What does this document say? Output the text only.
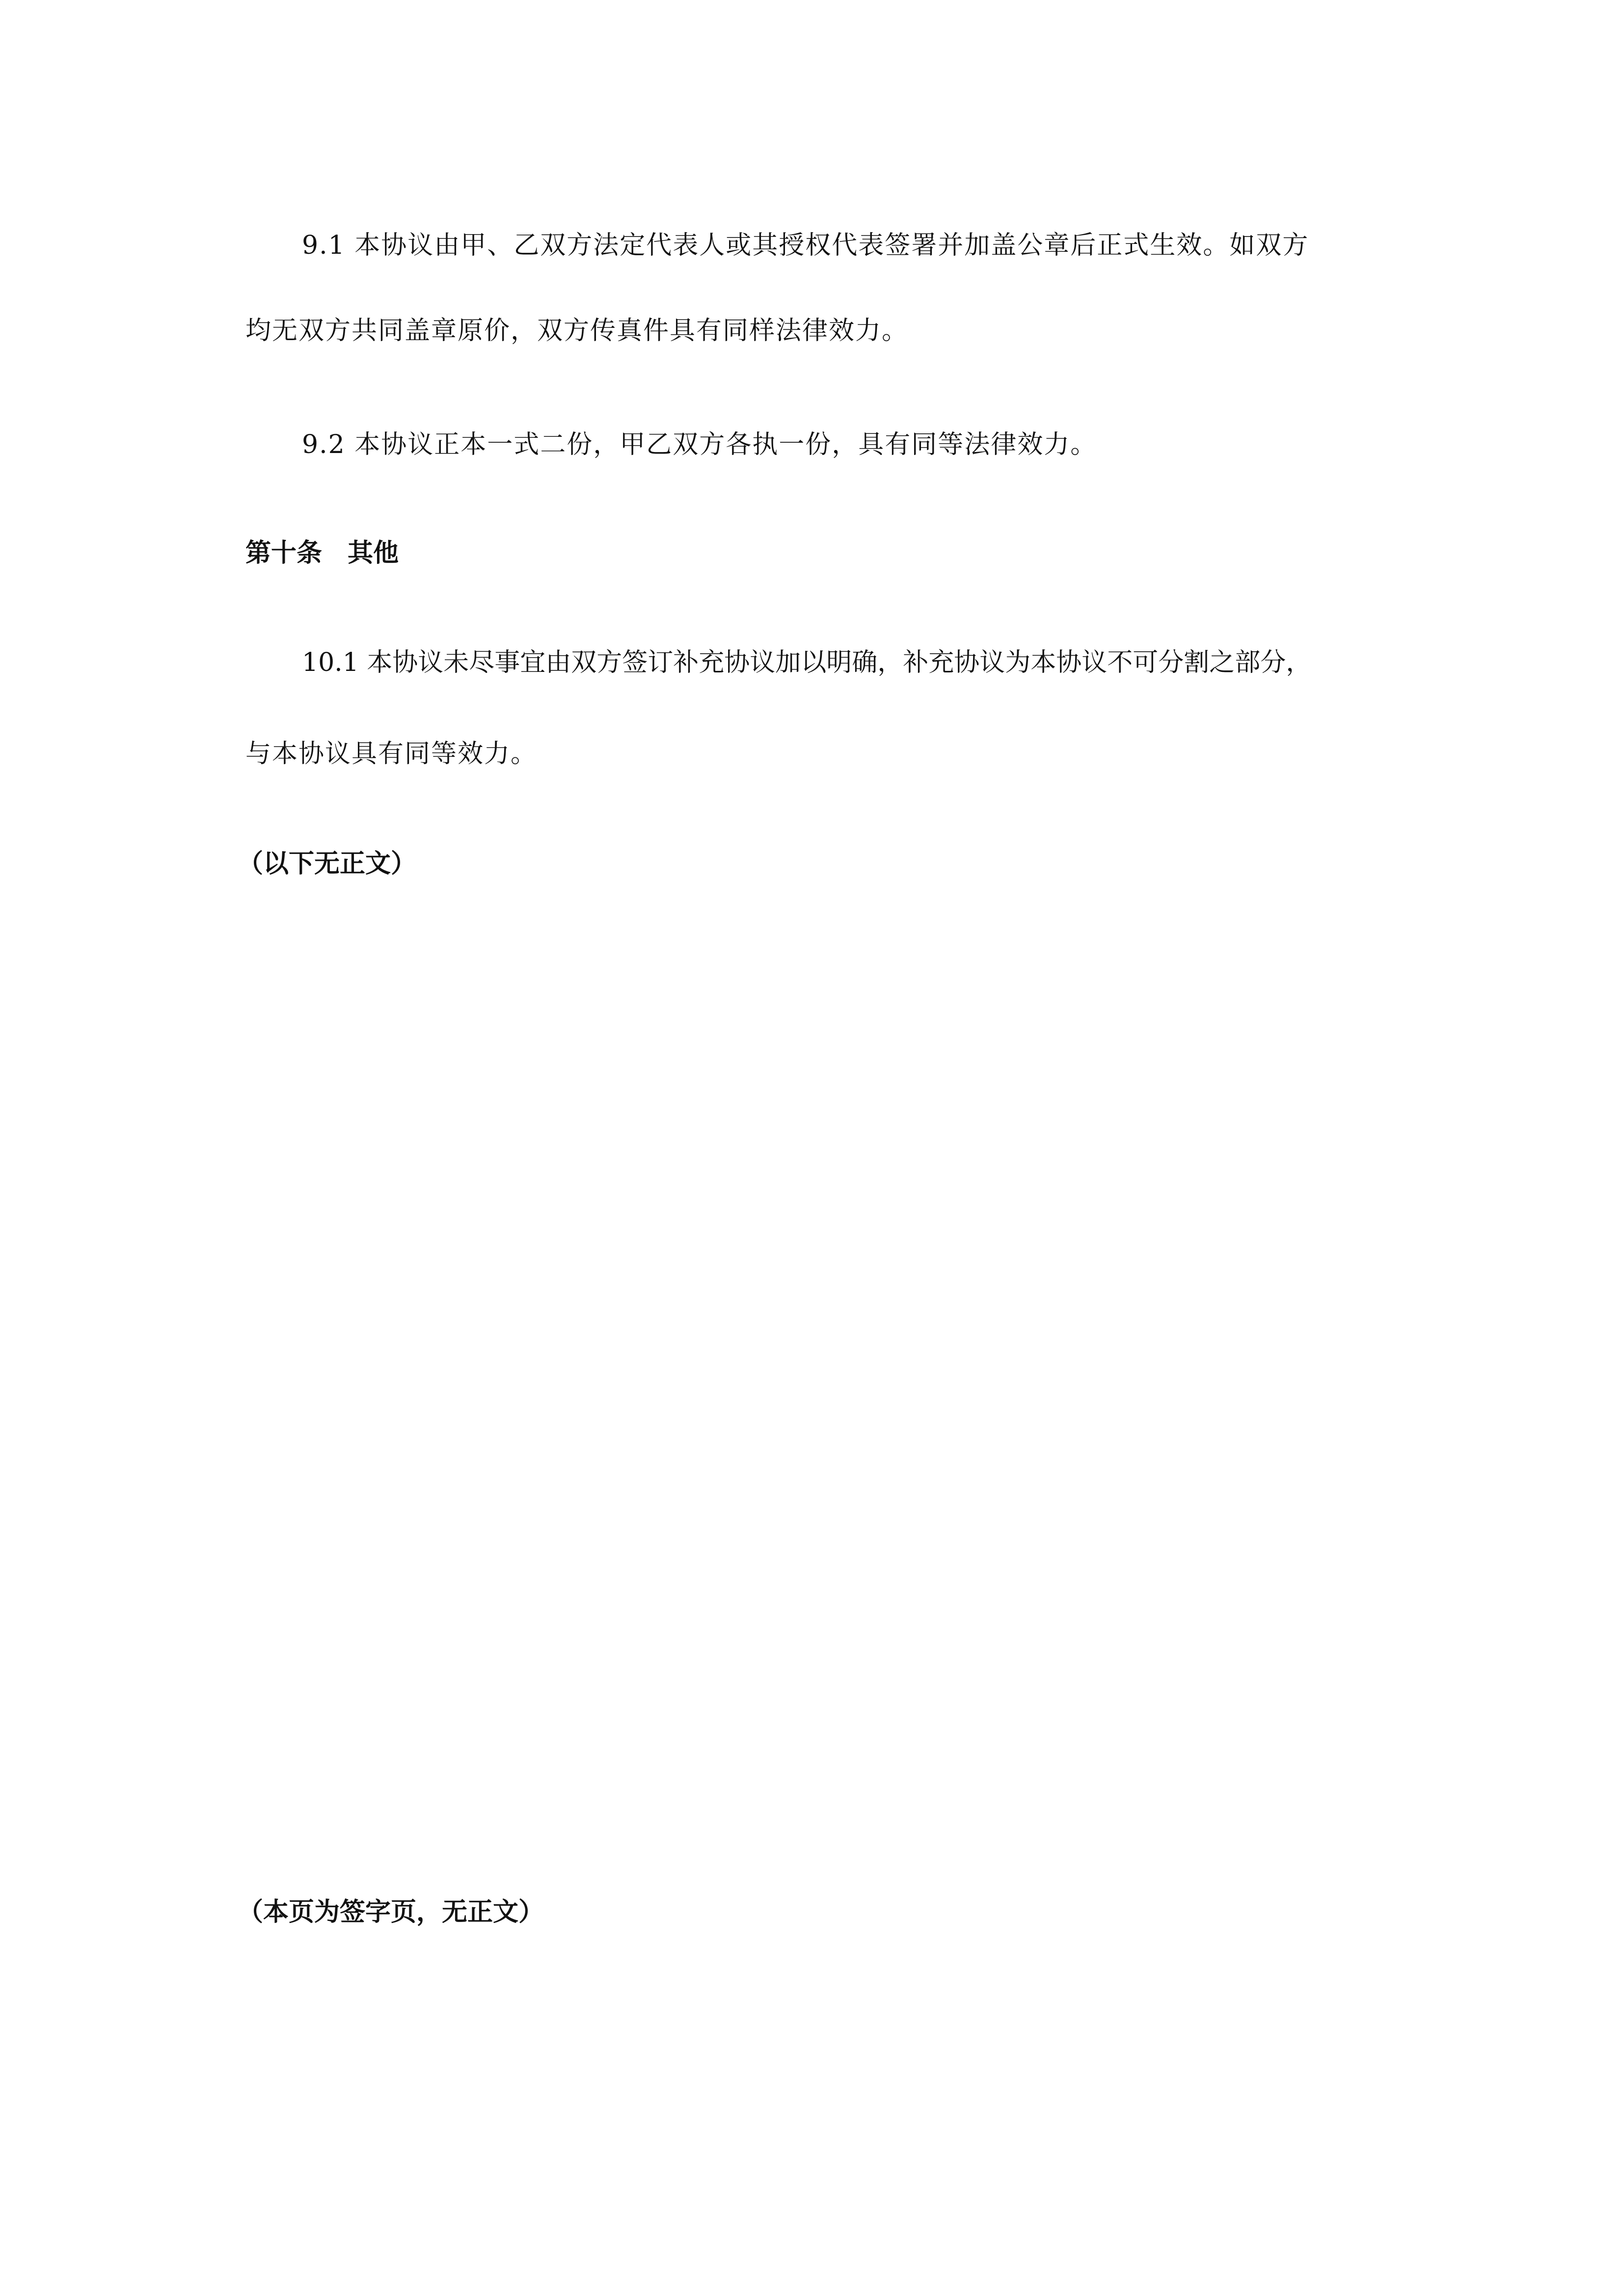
9.1 本协议由甲、乙双方法定代表人或其授权代表签署并加盖公章后正式生效。如双方

均无双方共同盖章原价，双方传真件具有同样法律效力。

9.2 本协议正本一式二份，甲乙双方各执一份，具有同等法律效力。

第十条 其他

10.1 本协议未尽事宜由双方签订补充协议加以明确，补充协议为本协议不可分割之部分，

与本协议具有同等效力。

（以下无正文）

（本页为签字页，无正文）
